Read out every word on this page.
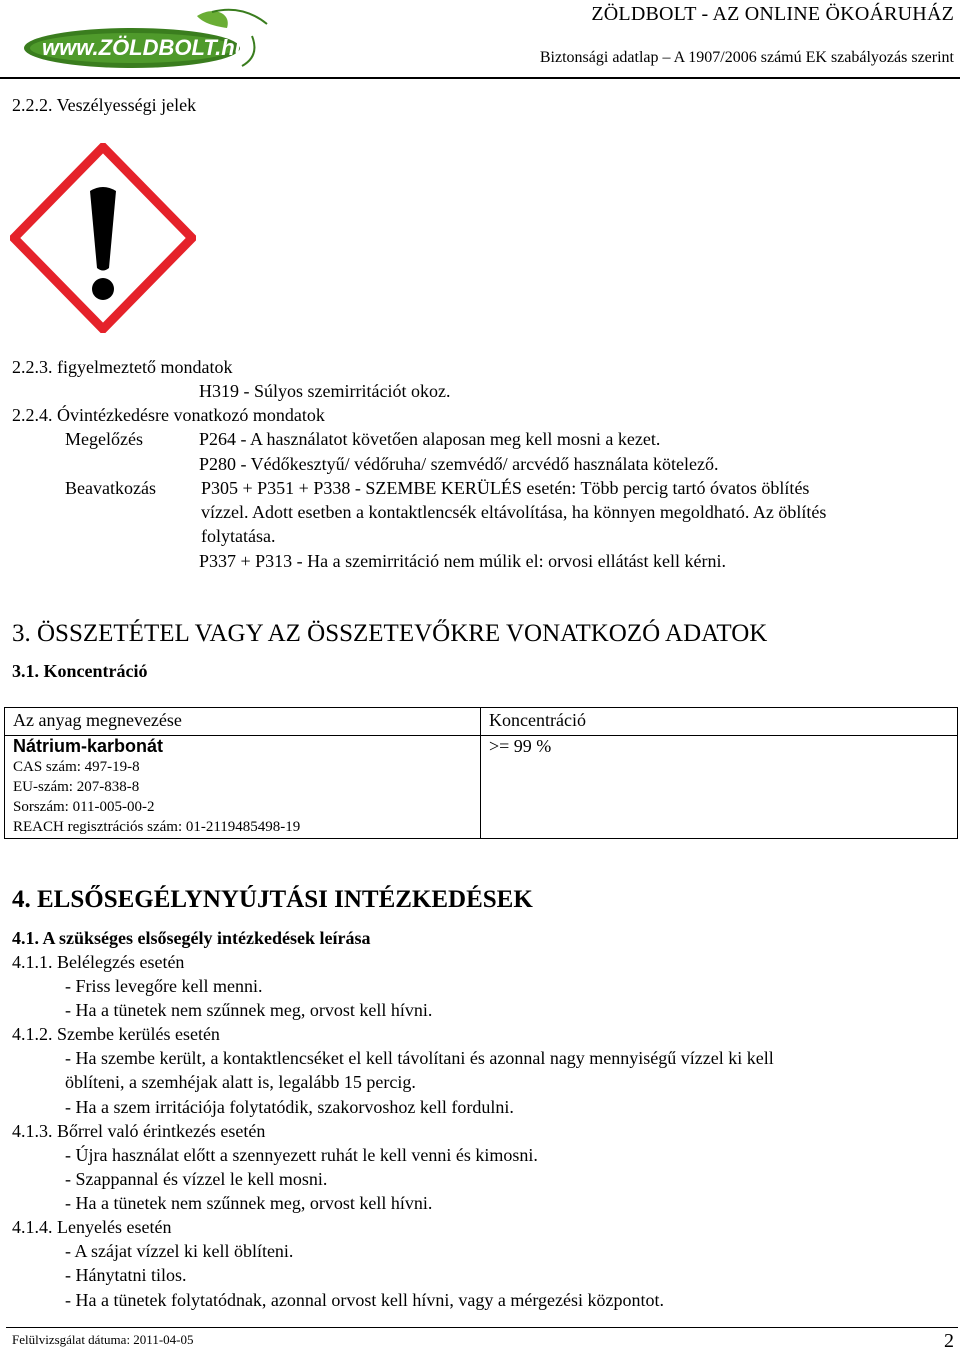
www.ZÖLDBOLT.hu
ZÖLDBOLT - AZ ONLINE ÖKOÁRUHÁZ
Biztonsági adatlap – A 1907/2006 számú EK szabályozás szerint
2.2.2. Veszélyességi jelek
2.2.3. figyelmeztető mondatok
H319 - Súlyos szemirritációt okoz.
2.2.4. Óvintézkedésre vonatkozó mondatok
Megelőzés	P264 - A használatot követően alaposan meg kell mosni a kezet.
P280 - Védőkesztyű/ védőruha/ szemvédő/ arcvédő használata kötelező.
Beavatkozás	P305 + P351 + P338 - SZEMBE KERÜLÉS esetén: Több percig tartó óvatos öblítés
vízzel. Adott esetben a kontaktlencsék eltávolítása, ha könnyen megoldható. Az öblítés
folytatása.
P337 + P313 - Ha a szemirritáció nem múlik el: orvosi ellátást kell kérni.
3. ÖSSZETÉTEL VAGY AZ ÖSSZETEVŐKRE VONATKOZÓ ADATOK
3.1. Koncentráció
Az anyag megnevezése	Koncentráció
Nátrium-karbonát
CAS szám: 497-19-8
EU-szám: 207-838-8
Sorszám: 011-005-00-2
REACH regisztrációs szám: 01-2119485498-19
>= 99 %
4. ELSŐSEGÉLYNYÚJTÁSI INTÉZKEDÉSEK
4.1. A szükséges elsősegély intézkedések leírása
4.1.1. Belélegzés esetén
- Friss levegőre kell menni.
- Ha a tünetek nem szűnnek meg, orvost kell hívni.
4.1.2. Szembe kerülés esetén
- Ha szembe került, a kontaktlencséket el kell távolítani és azonnal nagy mennyiségű vízzel ki kell
öblíteni, a szemhéjak alatt is, legalább 15 percig.
- Ha a szem irritációja folytatódik, szakorvoshoz kell fordulni.
4.1.3. Bőrrel való érintkezés esetén
- Újra használat előtt a szennyezett ruhát le kell venni és kimosni.
- Szappannal és vízzel le kell mosni.
- Ha a tünetek nem szűnnek meg, orvost kell hívni.
4.1.4. Lenyelés esetén
- A szájat vízzel ki kell öblíteni.
- Hánytatni tilos.
- Ha a tünetek folytatódnak, azonnal orvost kell hívni, vagy a mérgezési központot.
Felülvizsgálat dátuma: 2011-04-05	2
